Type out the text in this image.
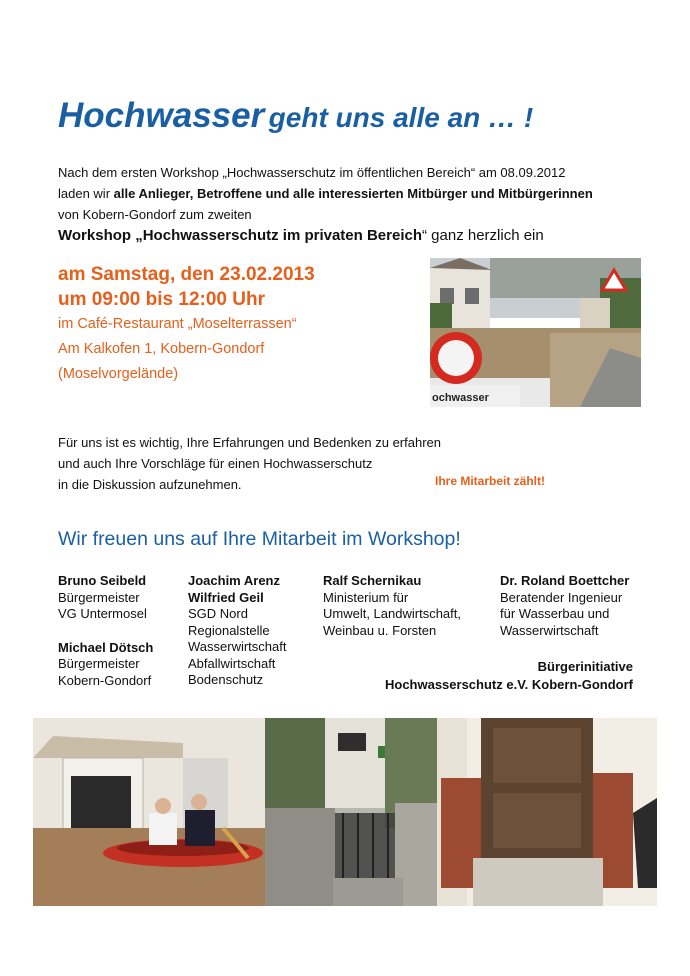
Hochwasser geht uns alle an … !
Nach dem ersten Workshop „Hochwasserschutz im öffentlichen Bereich“ am 08.09.2012
laden wir alle Anlieger, Betroffene und alle interessierten Mitbürger und Mitbürgerinnen
von Kobern-Gondorf zum zweiten
Workshop „Hochwasserschutz im privaten Bereich“ ganz herzlich ein
am Samstag, den 23.02.2013
um 09:00 bis 12:00 Uhr
im Café-Restaurant „Moselterrassen“
Am Kalkofen 1, Kobern-Gondorf
(Moselvorgelände)
ochwasser
Für uns ist es wichtig, Ihre Erfahrungen und Bedenken zu erfahren
und auch Ihre Vorschläge für einen Hochwasserschutz
in die Diskussion aufzunehmen.	Ihre Mitarbeit zählt!
Wir freuen uns auf Ihre Mitarbeit im Workshop!
Bruno Seibeld
Bürgermeister
VG Untermosel
Michael Dötsch
Bürgermeister
Kobern-Gondorf
Joachim Arenz
Wilfried Geil
SGD Nord
Regionalstelle
Wasserwirtschaft
Abfallwirtschaft
Bodenschutz
Ralf Schernikau
Ministerium für
Umwelt, Landwirtschaft,
Weinbau u. Forsten
Dr. Roland Boettcher
Beratender Ingenieur
für Wasserbau und
Wasserwirtschaft
Bürgerinitiative
Hochwasserschutz e.V. Kobern-Gondorf
